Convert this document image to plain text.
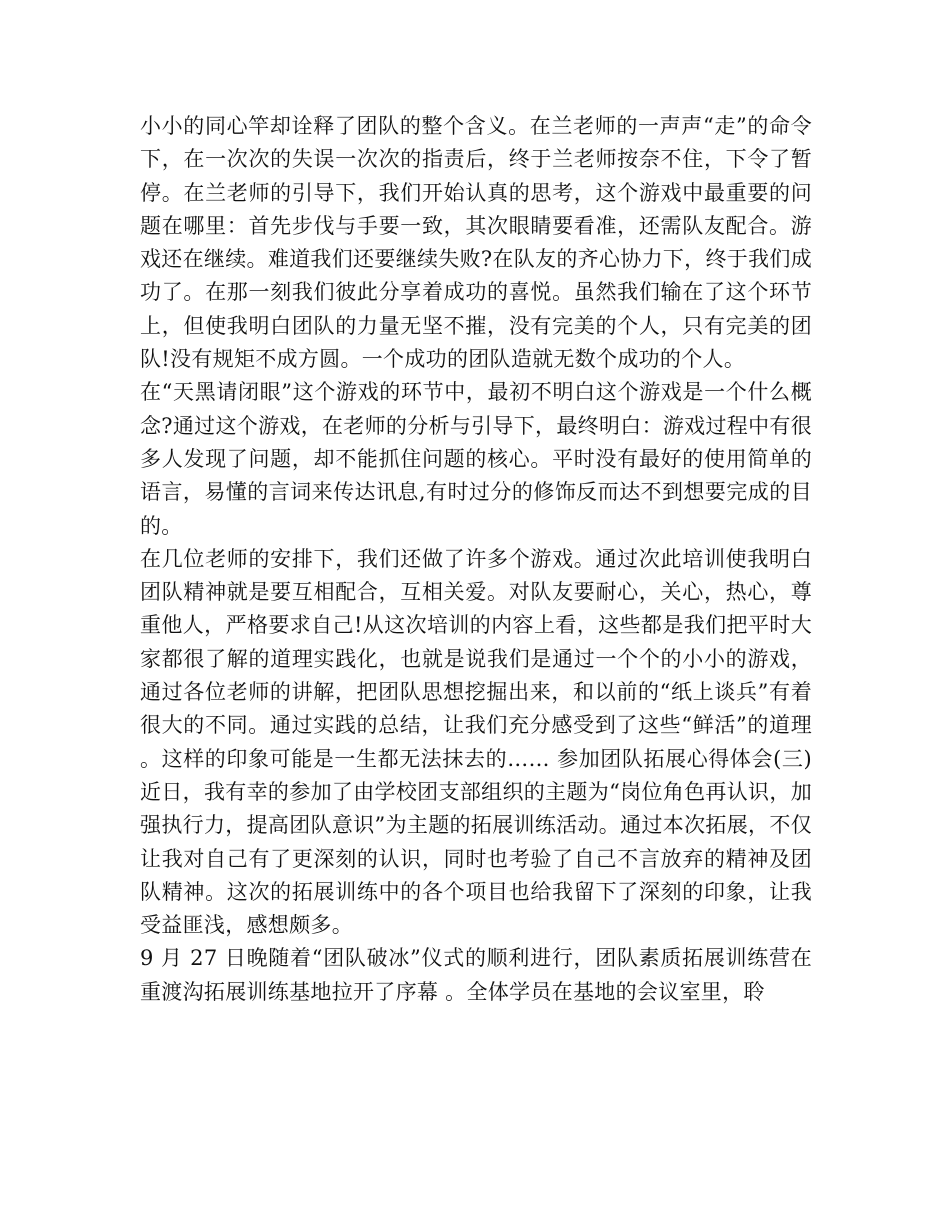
小小的同心竿却诠释了团队的整个含义。在兰老师的一声声“走”的命令下，在一次次的失误一次次的指责后，终于兰老师按奈不住，下令了暂停。在兰老师的引导下，我们开始认真的思考，这个游戏中最重要的问题在哪里：首先步伐与手要一致，其次眼睛要看准，还需队友配合。游戏还在继续。难道我们还要继续失败?在队友的齐心协力下，终于我们成功了。在那一刻我们彼此分享着成功的喜悦。虽然我们输在了这个环节上，但使我明白团队的力量无坚不摧，没有完美的个人，只有完美的团队!没有规矩不成方圆。一个成功的团队造就无数个成功的个人。

在“天黑请闭眼”这个游戏的环节中，最初不明白这个游戏是一个什么概念?通过这个游戏，在老师的分析与引导下，最终明白：游戏过程中有很多人发现了问题，却不能抓住问题的核心。平时没有最好的使用简单的语言，易懂的言词来传达讯息,有时过分的修饰反而达不到想要完成的目的。

在几位老师的安排下，我们还做了许多个游戏。通过次此培训使我明白团队精神就是要互相配合，互相关爱。对队友要耐心，关心，热心，尊重他人，严格要求自己!从这次培训的内容上看，这些都是我们把平时大家都很了解的道理实践化，也就是说我们是通过一个个的小小的游戏，通过各位老师的讲解，把团队思想挖掘出来，和以前的“纸上谈兵”有着很大的不同。通过实践的总结，让我们充分感受到了这些“鲜活”的道理。这样的印象可能是一生都无法抹去的…… 参加团队拓展心得体会(三) 近日，我有幸的参加了由学校团支部组织的主题为“岗位角色再认识，加强执行力，提高团队意识”为主题的拓展训练活动。通过本次拓展，不仅让我对自己有了更深刻的认识，同时也考验了自己不言放弃的精神及团队精神。这次的拓展训练中的各个项目也给我留下了深刻的印象，让我受益匪浅，感想颇多。

9 月 27 日晚随着“团队破冰”仪式的顺利进行，团队素质拓展训练营在重渡沟拓展训练基地拉开了序幕 。全体学员在基地的会议室里，聆
